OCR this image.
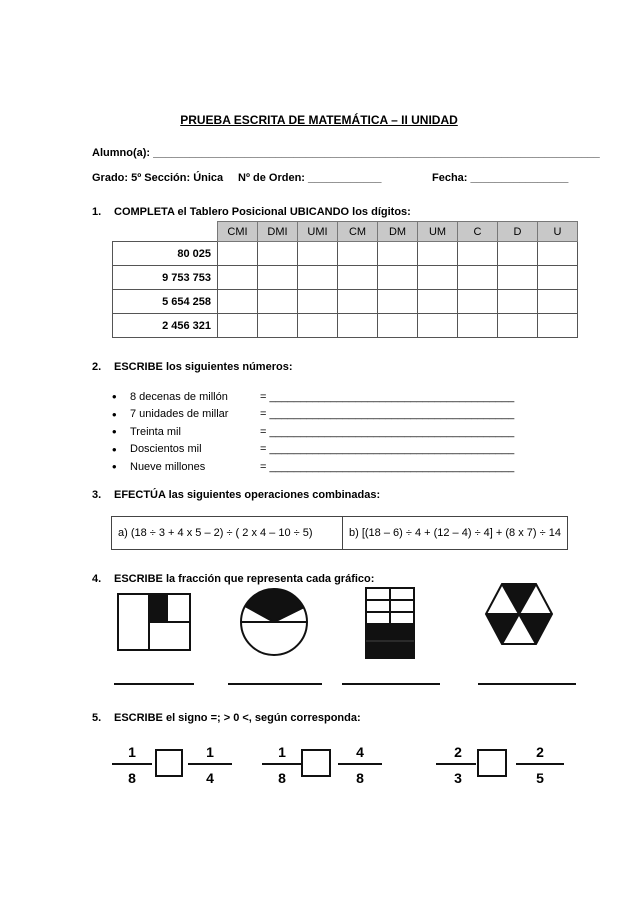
PRUEBA ESCRITA DE MATEMÁTICA – II UNIDAD
Alumno(a): _________________________________________________________________________
Grado: 5º Sección: Única Nº de Orden: ____________	Fecha: ________________
1. COMPLETA el Tablero Posicional UBICANDO los dígitos:
	CMI	DMI	UMI	CM	DM	UM	C	D	U
80 025									
9 753 753									
5 654 258									
2 456 321									
2. ESCRIBE los siguientes números:
•	8 decenas de millón	= ________________________________________
•	7 unidades de millar	= ________________________________________
•	Treinta mil	= ________________________________________
•	Doscientos mil	= ________________________________________
•	Nueve millones	= ________________________________________
3. EFECTÚA las siguientes operaciones combinadas:
a) (18 ÷ 3 + 4 x 5 – 2) ÷ ( 2 x 4 – 10 ÷ 5)	b) [(18 – 6) ÷ 4 + (12 – 4) ÷ 4] + (8 x 7) ÷ 14
4. ESCRIBE la fracción que representa cada gráfico:
5. ESCRIBE el signo =; > 0 <, según corresponda:
1
8
1
4
1
8
4
8
2
3
2
5
